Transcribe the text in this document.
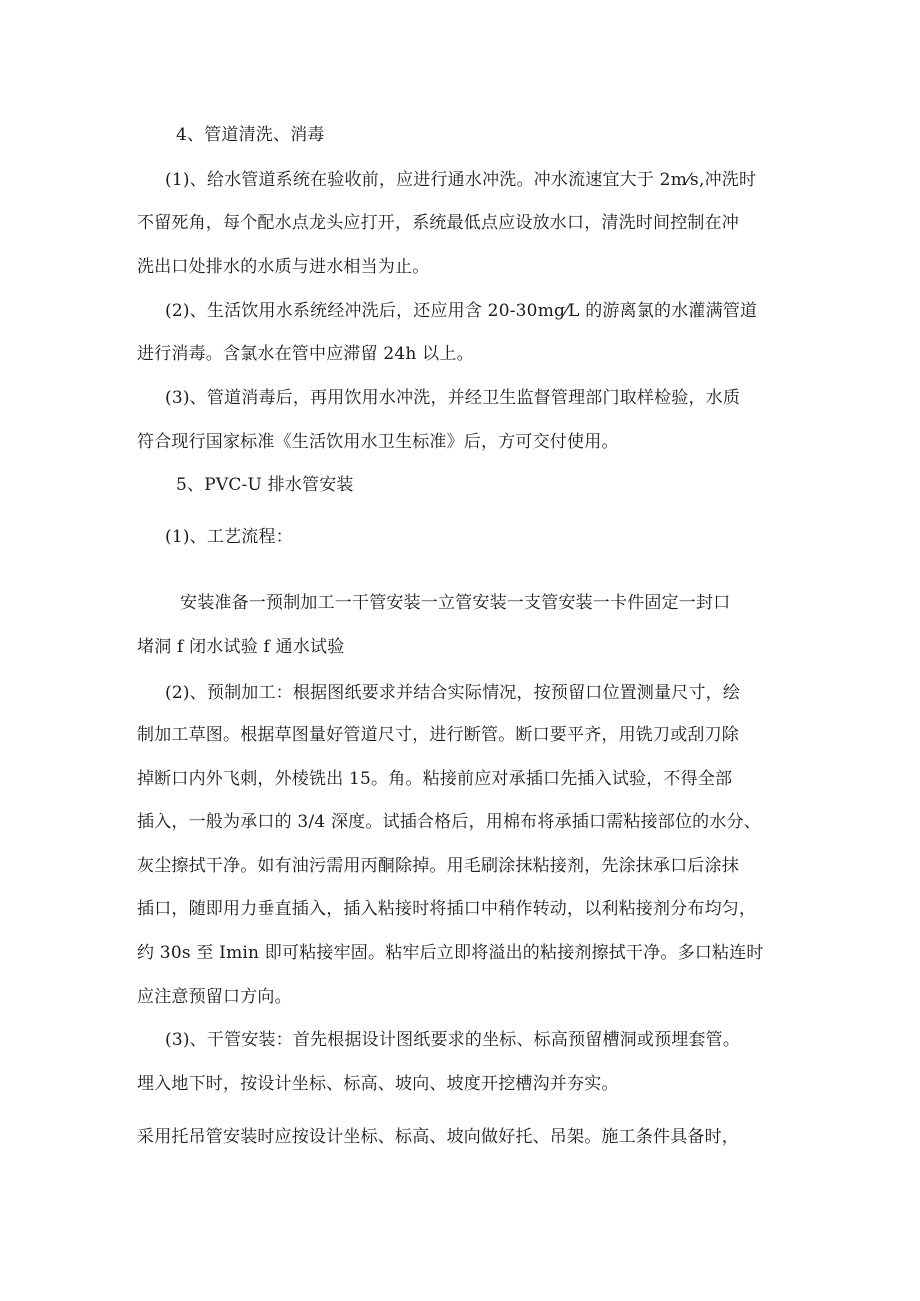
4、管道清洗、消毒
(1)、给水管道系统在验收前，应进行通水冲洗。冲水流速宜大于 2m⁄s,冲洗时
不留死角，每个配水点龙头应打开，系统最低点应设放水口，清洗时间控制在冲
洗出口处排水的水质与进水相当为止。
(2)、生活饮用水系统经冲洗后，还应用含 20-30mg⁄L 的游离氯的水灌满管道
进行消毒。含氯水在管中应滞留 24h 以上。
(3)、管道消毒后，再用饮用水冲洗，并经卫生监督管理部门取样检验，水质
符合现行国家标准《生活饮用水卫生标准》后，方可交付使用。
5、PVC-U 排水管安装
(1)、工艺流程：
安装准备一预制加工一干管安装一立管安装一支管安装一卡件固定一封口
堵洞 f 闭水试验 f 通水试验
(2)、预制加工：根据图纸要求并结合实际情况，按预留口位置测量尺寸，绘
制加工草图。根据草图量好管道尺寸，进行断管。断口要平齐，用铣刀或刮刀除
掉断口内外飞刺，外棱铣出 15。角。粘接前应对承插口先插入试验，不得全部
插入，一般为承口的 3/4 深度。试插合格后，用棉布将承插口需粘接部位的水分、
灰尘擦拭干净。如有油污需用丙酮除掉。用毛刷涂抹粘接剂，先涂抹承口后涂抹
插口，随即用力垂直插入，插入粘接时将插口中稍作转动，以利粘接剂分布均匀，
约 30s 至 Imin 即可粘接牢固。粘牢后立即将溢出的粘接剂擦拭干净。多口粘连时
应注意预留口方向。
(3)、干管安装：首先根据设计图纸要求的坐标、标高预留槽洞或预埋套管。
埋入地下时，按设计坐标、标高、坡向、坡度开挖槽沟并夯实。
采用托吊管安装时应按设计坐标、标高、坡向做好托、吊架。施工条件具备时，
